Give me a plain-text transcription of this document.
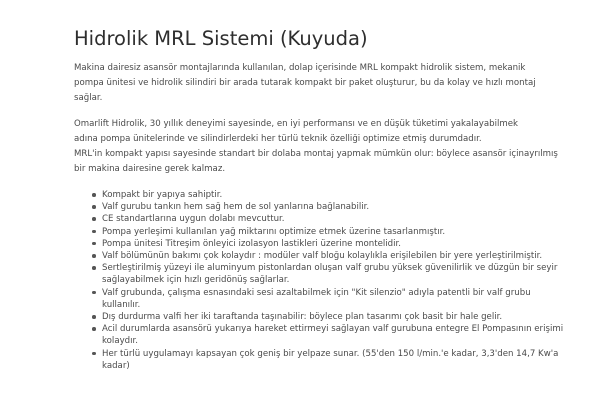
Hidrolik MRL Sistemi (Kuyuda)

Makina dairesiz asansör montajlarında kullanılan, dolap içerisinde MRL kompakt hidrolik sistem, mekanik
pompa ünitesi ve hidrolik silindiri bir arada tutarak kompakt bir paket oluşturur, bu da kolay ve hızlı montaj
sağlar.

Omarlift Hidrolik, 30 yıllık deneyimi sayesinde, en iyi performansı ve en düşük tüketimi yakalayabilmek
adına pompa ünitelerinde ve silindirlerdeki her türlü teknik özelliği optimize etmiş durumdadır.
MRL'in kompakt yapısı sayesinde standart bir dolaba montaj yapmak mümkün olur: böylece asansör içinayrılmış
bir makina dairesine gerek kalmaz.

Kompakt bir yapıya sahiptir.
Valf gurubu tankın hem sağ hem de sol yanlarına bağlanabilir.
CE standartlarına uygun dolabı mevcuttur.
Pompa yerleşimi kullanılan yağ miktarını optimize etmek üzerine tasarlanmıştır.
Pompa ünitesi Titreşim önleyici izolasyon lastikleri üzerine montelidir.
Valf bölümünün bakımı çok kolaydır : modüler valf bloğu kolaylıkla erişilebilen bir yere yerleştirilmiştir.
Sertleştirilmiş yüzeyi ile aluminyum pistonlardan oluşan valf grubu yüksek güvenilirlik ve düzgün bir seyir
sağlayabilmek için hızlı geridönüş sağlarlar.
Valf grubunda, çalışma esnasındaki sesi azaltabilmek için "Kit silenzio" adıyla patentli bir valf grubu
kullanılır.
Dış durdurma valfi her iki taraftanda taşınabilir: böylece plan tasarımı çok basit bir hale gelir.
Acil durumlarda asansörü yukarıya hareket ettirmeyi sağlayan valf gurubuna entegre El Pompasının erişimi
kolaydır.
Her türlü uygulamayı kapsayan çok geniş bir yelpaze sunar. (55'den 150 l/min.'e kadar, 3,3'den 14,7 Kw'a
kadar)
